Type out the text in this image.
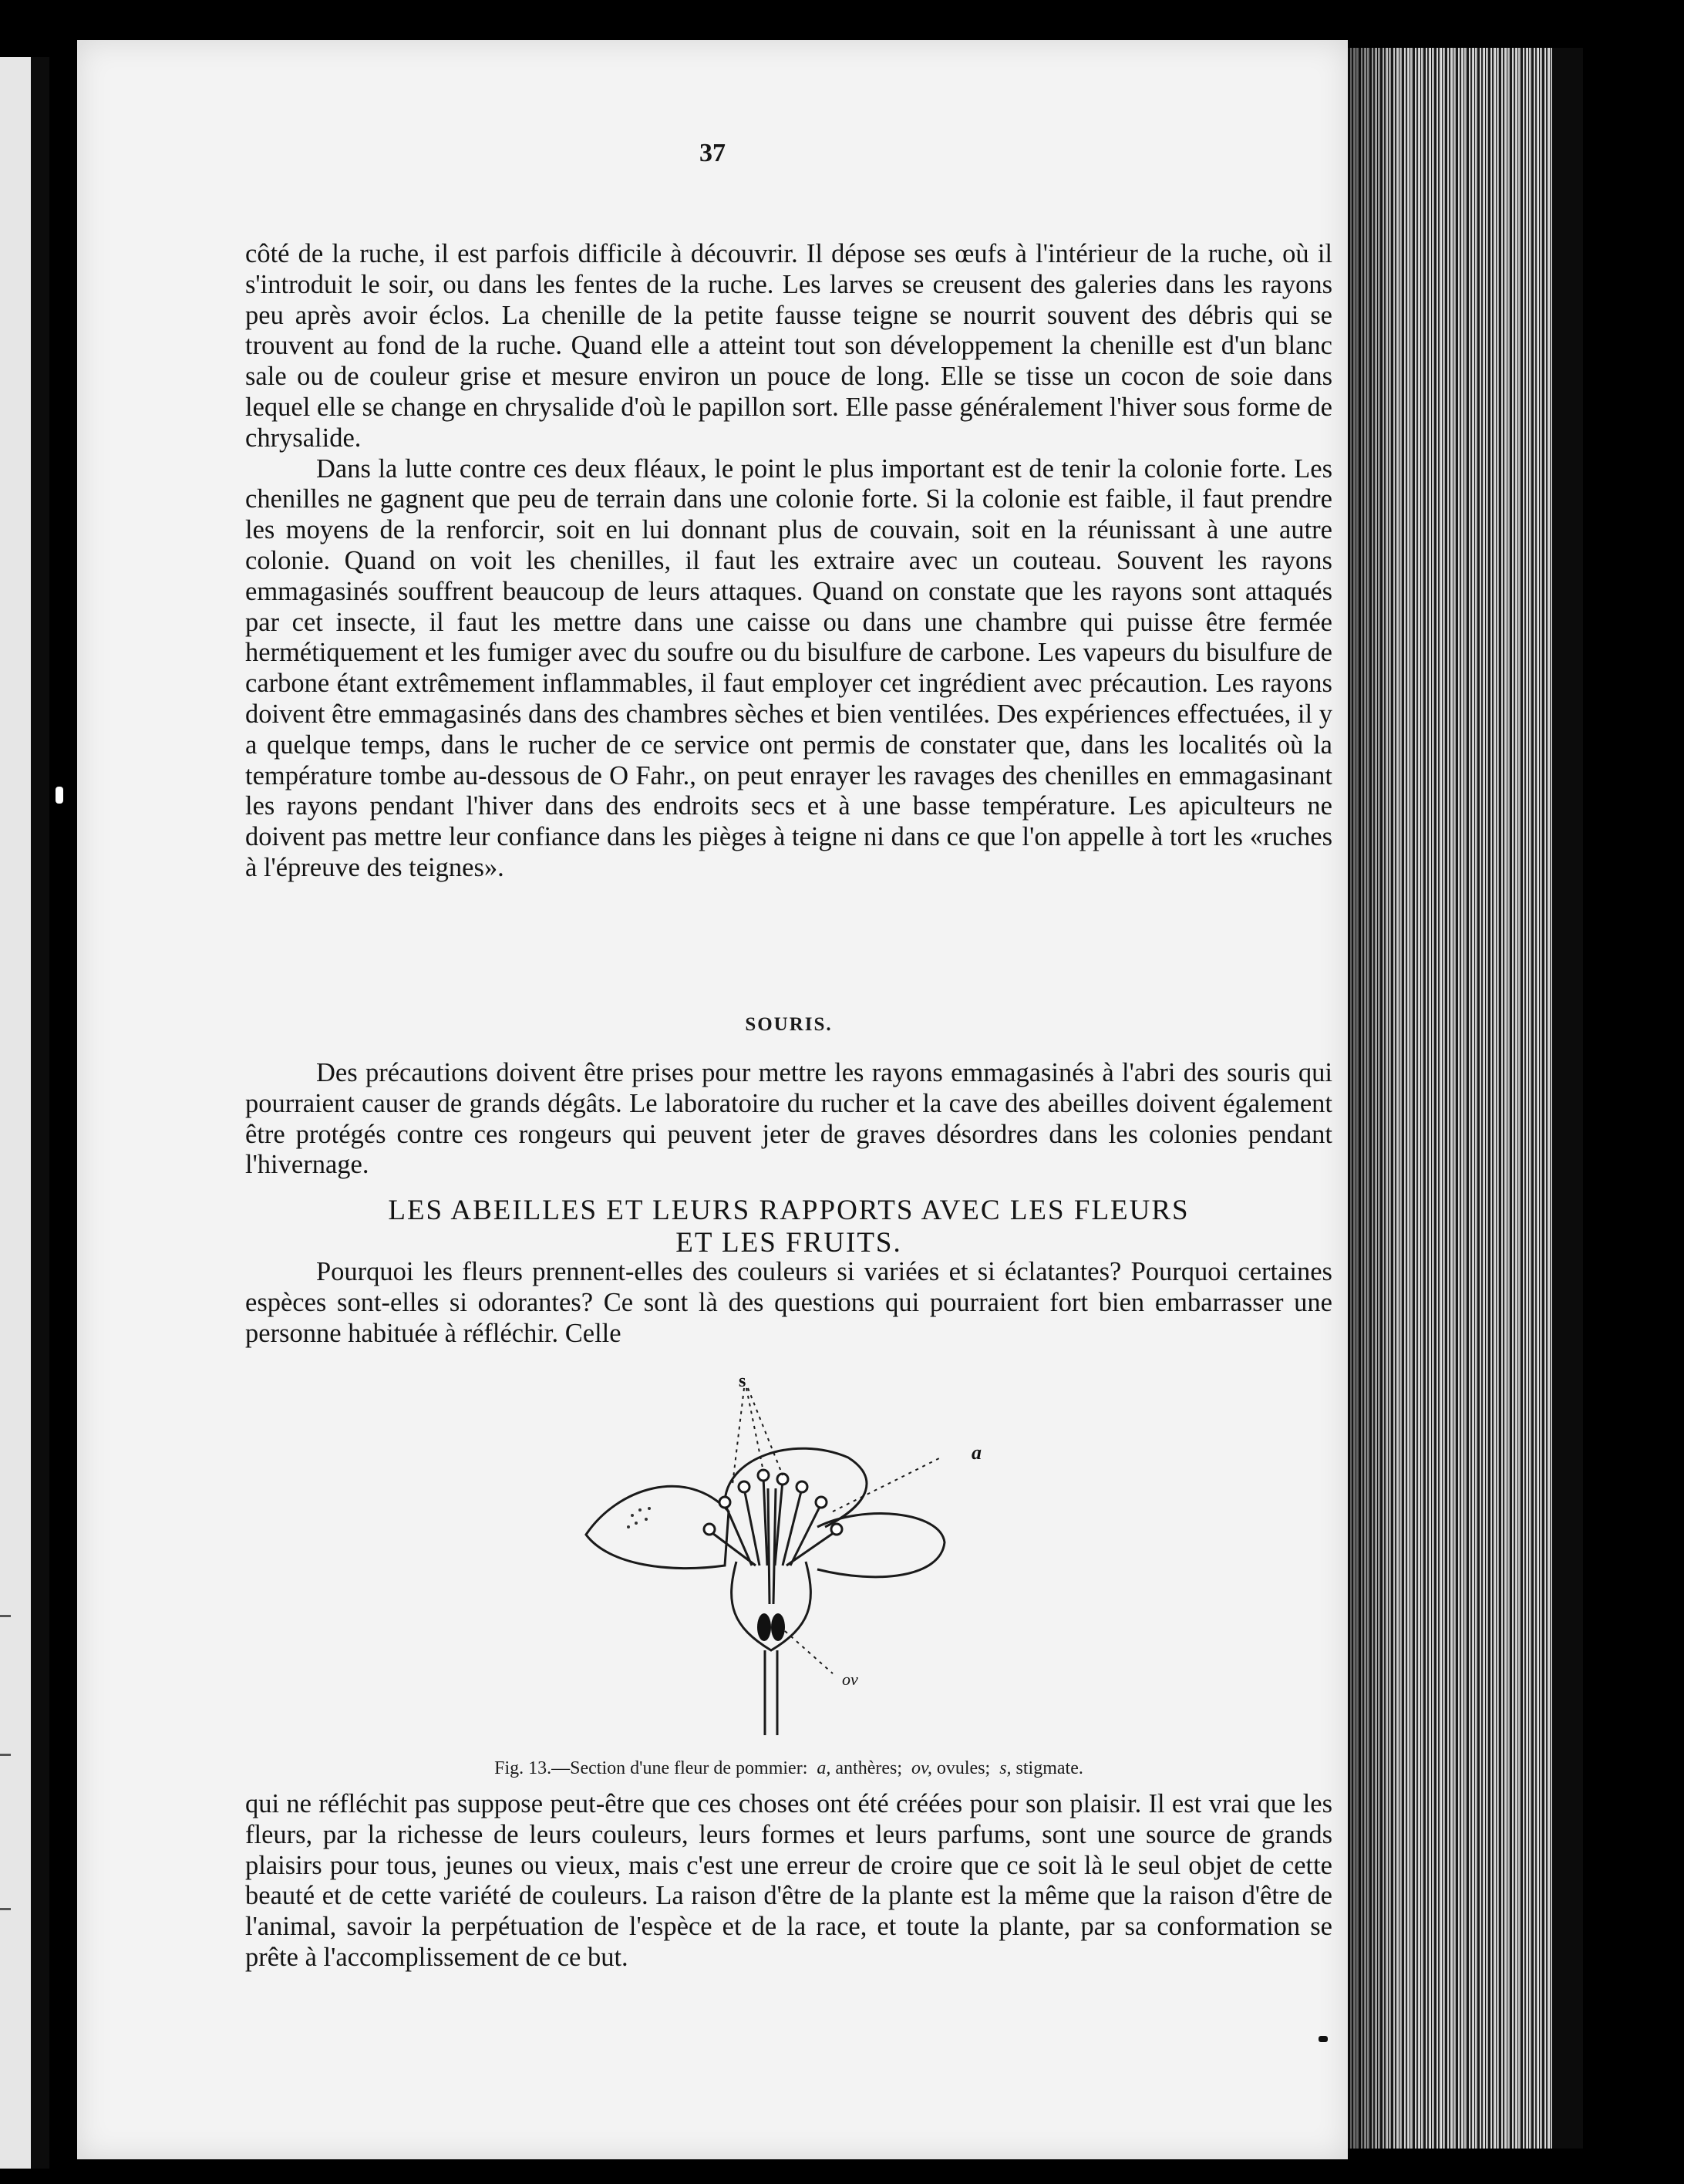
37

côté de la ruche, il est parfois difficile à découvrir. Il dépose ses œufs à l'intérieur de la ruche, où il s'introduit le soir, ou dans les fentes de la ruche. Les larves se creusent des galeries dans les rayons peu après avoir éclos. La chenille de la petite fausse teigne se nourrit souvent des débris qui se trouvent au fond de la ruche. Quand elle a atteint tout son développement la chenille est d'un blanc sale ou de couleur grise et mesure environ un pouce de long. Elle se tisse un cocon de soie dans lequel elle se change en chrysalide d'où le papillon sort. Elle passe généralement l'hiver sous forme de chrysalide.

Dans la lutte contre ces deux fléaux, le point le plus important est de tenir la colonie forte. Les chenilles ne gagnent que peu de terrain dans une colonie forte. Si la colonie est faible, il faut prendre les moyens de la renforcir, soit en lui donnant plus de couvain, soit en la réunissant à une autre colonie. Quand on voit les chenilles, il faut les extraire avec un couteau. Souvent les rayons emmagasinés souffrent beaucoup de leurs attaques. Quand on constate que les rayons sont attaqués par cet insecte, il faut les mettre dans une caisse ou dans une chambre qui puisse être fermée hermétiquement et les fumiger avec du soufre ou du bisulfure de carbone. Les vapeurs du bisulfure de carbone étant extrêmement inflammables, il faut employer cet ingrédient avec précaution. Les rayons doivent être emmagasinés dans des chambres sèches et bien ventilées. Des expériences effectuées, il y a quelque temps, dans le rucher de ce service ont permis de constater que, dans les localités où la température tombe au-dessous de O Fahr., on peut enrayer les ravages des chenilles en emmagasinant les rayons pendant l'hiver dans des endroits secs et à une basse température. Les apiculteurs ne doivent pas mettre leur confiance dans les pièges à teigne ni dans ce que l'on appelle à tort les «ruches à l'épreuve des teignes».

SOURIS.

Des précautions doivent être prises pour mettre les rayons emmagasinés à l'abri des souris qui pourraient causer de grands dégâts. Le laboratoire du rucher et la cave des abeilles doivent également être protégés contre ces rongeurs qui peuvent jeter de graves désordres dans les colonies pendant l'hivernage.

LES ABEILLES ET LEURS RAPPORTS AVEC LES FLEURS
ET LES FRUITS.

Pourquoi les fleurs prennent-elles des couleurs si variées et si éclatantes? Pourquoi certaines espèces sont-elles si odorantes? Ce sont là des questions qui pourraient fort bien embarrasser une personne habituée à réfléchir. Celle

s
a
ov
Fig. 13.—Section d'une fleur de pommier: a, anthères; ov, ovules; s, stigmate.

qui ne réfléchit pas suppose peut-être que ces choses ont été créées pour son plaisir. Il est vrai que les fleurs, par la richesse de leurs couleurs, leurs formes et leurs parfums, sont une source de grands plaisirs pour tous, jeunes ou vieux, mais c'est une erreur de croire que ce soit là le seul objet de cette beauté et de cette variété de couleurs. La raison d'être de la plante est la même que la raison d'être de l'animal, savoir la perpétuation de l'espèce et de la race, et toute la plante, par sa conformation se prête à l'accomplissement de ce but.
